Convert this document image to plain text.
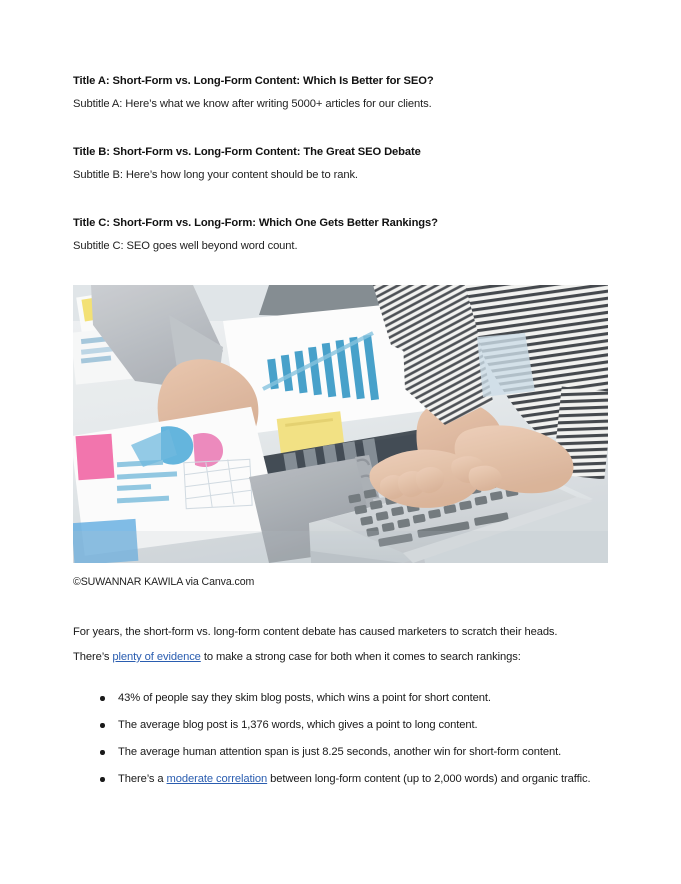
Title A: Short-Form vs. Long-Form Content: Which Is Better for SEO?

Subtitle A: Here’s what we know after writing 5000+ articles for our clients.

Title B: Short-Form vs. Long-Form Content: The Great SEO Debate

Subtitle B: Here’s how long your content should be to rank.

Title C: Short-Form vs. Long-Form: Which One Gets Better Rankings?

Subtitle C: SEO goes well beyond word count.

©SUWANNAR KAWILA via Canva.com

For years, the short-form vs. long-form content debate has caused marketers to scratch their heads.

There’s plenty of evidence to make a strong case for both when it comes to search rankings:

43% of people say they skim blog posts, which wins a point for short content.
The average blog post is 1,376 words, which gives a point to long content.
The average human attention span is just 8.25 seconds, another win for short-form content.
There’s a moderate correlation between long-form content (up to 2,000 words) and organic traffic.
